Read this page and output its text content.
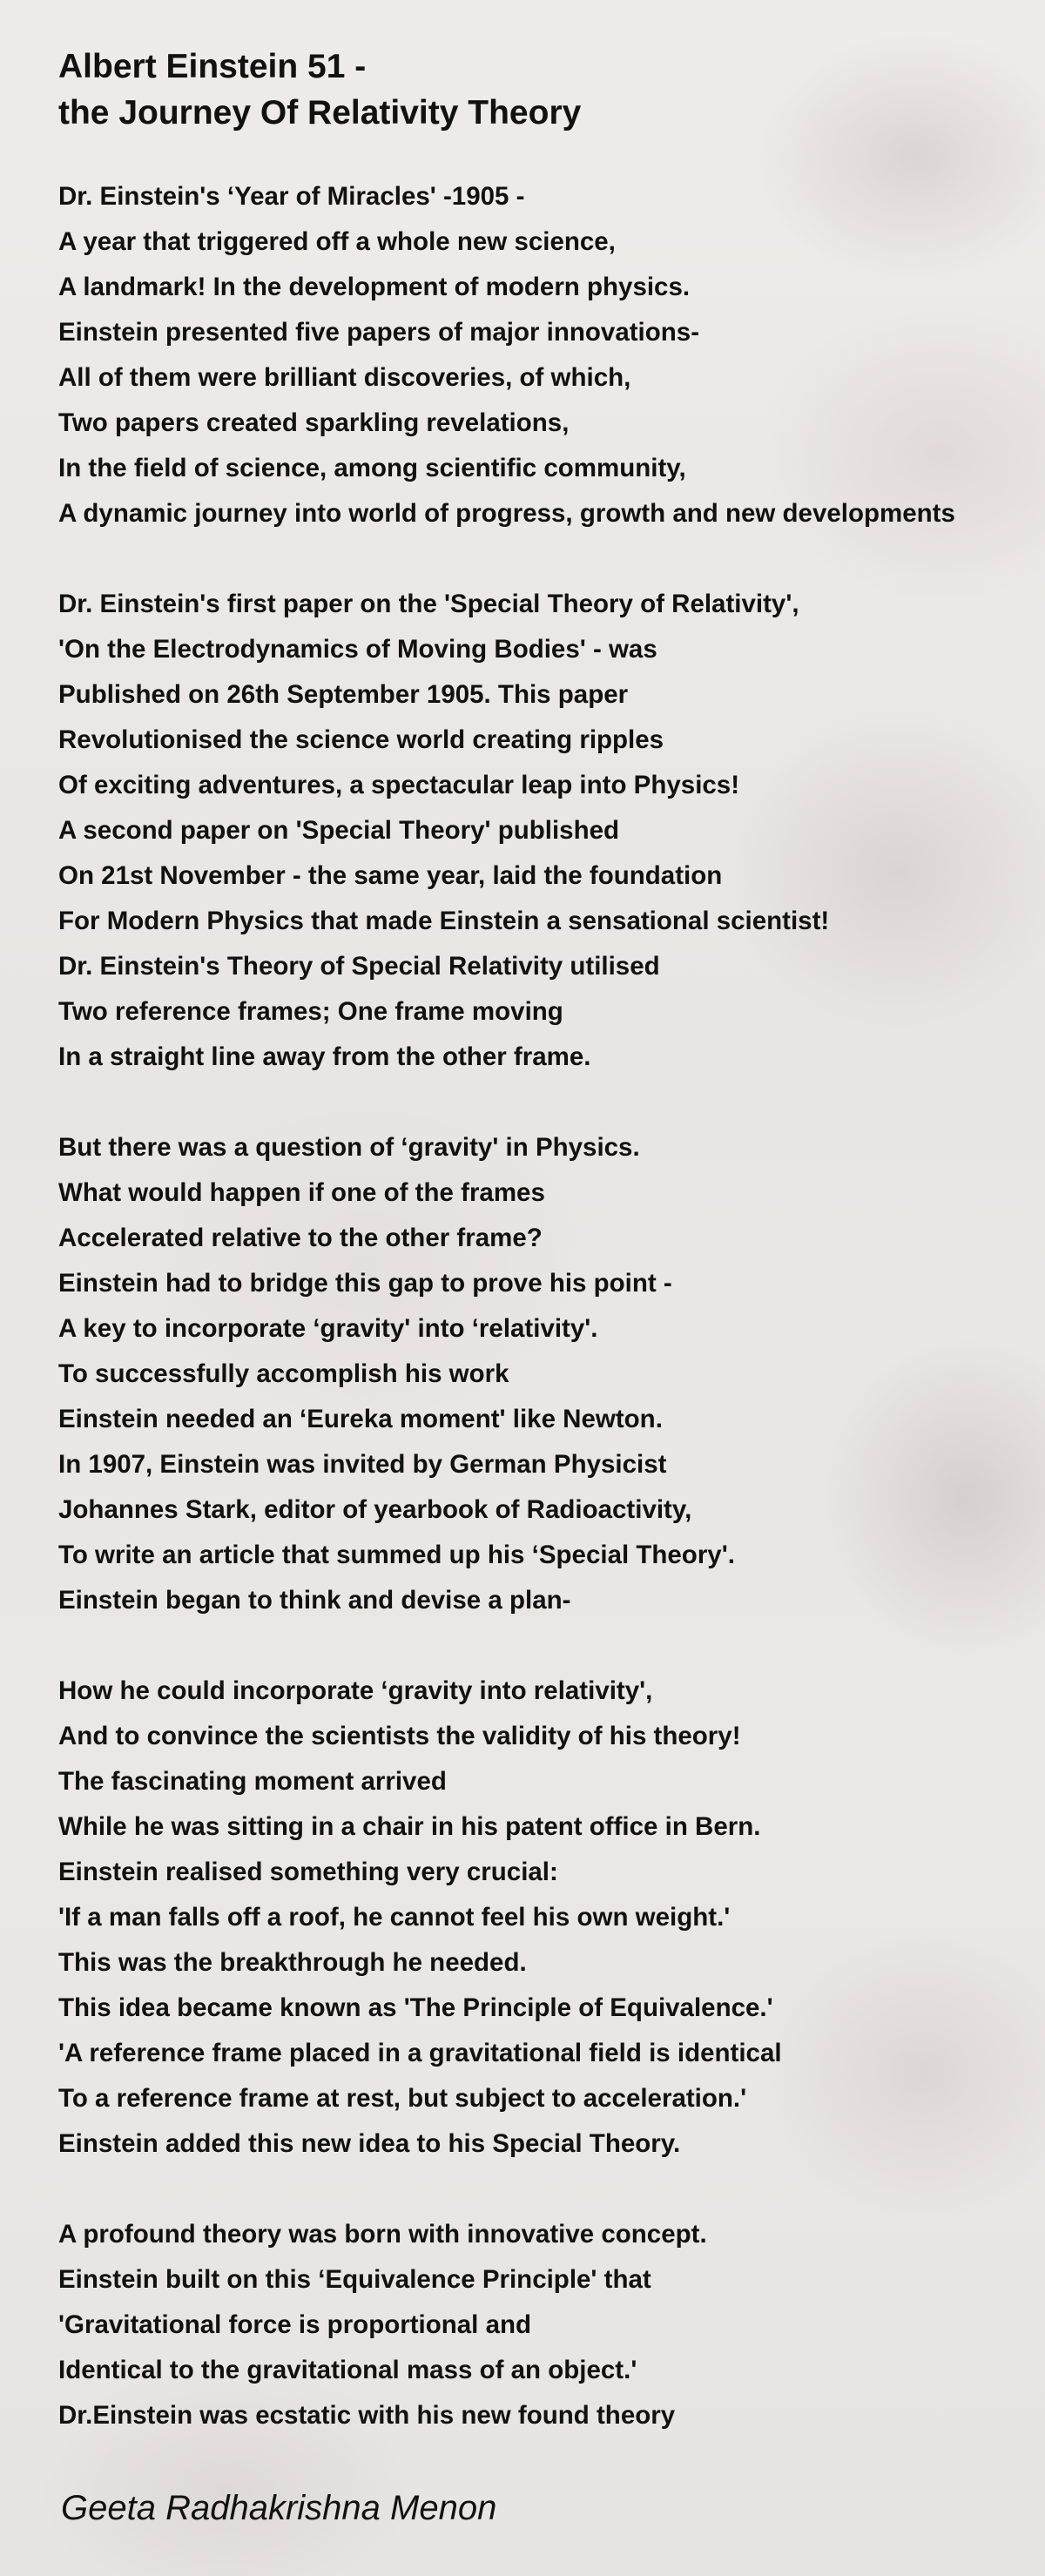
Albert Einstein 51 -
the Journey Of Relativity Theory
Dr. Einstein's ‘Year of Miracles' -1905 -
A year that triggered off a whole new science,
A landmark! In the development of modern physics.
Einstein presented five papers of major innovations-
All of them were brilliant discoveries, of which,
Two papers created sparkling revelations,
In the field of science, among scientific community,
A dynamic journey into world of progress, growth and new developments
Dr. Einstein's first paper on the 'Special Theory of Relativity',
'On the Electrodynamics of Moving Bodies' - was
Published on 26th September 1905. This paper
Revolutionised the science world creating ripples
Of exciting adventures, a spectacular leap into Physics!
A second paper on 'Special Theory' published
On 21st November - the same year, laid the foundation
For Modern Physics that made Einstein a sensational scientist!
Dr. Einstein's Theory of Special Relativity utilised
Two reference frames; One frame moving
In a straight line away from the other frame.
But there was a question of ‘gravity' in Physics.
What would happen if one of the frames
Accelerated relative to the other frame?
Einstein had to bridge this gap to prove his point -
A key to incorporate ‘gravity' into ‘relativity'.
To successfully accomplish his work
Einstein needed an ‘Eureka moment' like Newton.
In 1907, Einstein was invited by German Physicist
Johannes Stark, editor of yearbook of Radioactivity,
To write an article that summed up his ‘Special Theory'.
Einstein began to think and devise a plan-
How he could incorporate ‘gravity into relativity',
And to convince the scientists the validity of his theory!
The fascinating moment arrived
While he was sitting in a chair in his patent office in Bern.
Einstein realised something very crucial:
'If a man falls off a roof, he cannot feel his own weight.'
This was the breakthrough he needed.
This idea became known as 'The Principle of Equivalence.'
'A reference frame placed in a gravitational field is identical
To a reference frame at rest, but subject to acceleration.'
Einstein added this new idea to his Special Theory.
A profound theory was born with innovative concept.
Einstein built on this ‘Equivalence Principle' that
'Gravitational force is proportional and
Identical to the gravitational mass of an object.'
Dr.Einstein was ecstatic with his new found theory
Geeta Radhakrishna Menon
